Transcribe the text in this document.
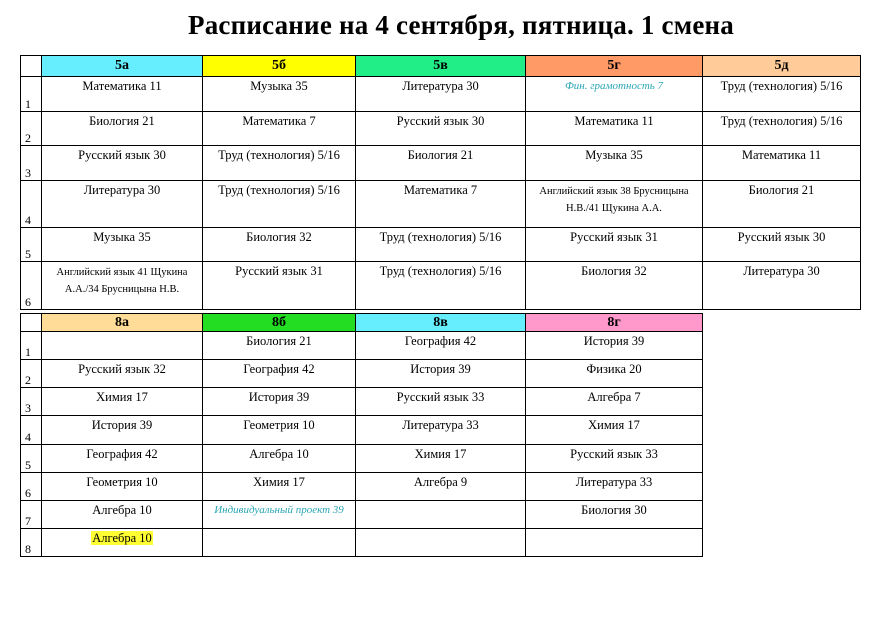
Расписание на 4 сентября, пятница. 1 смена
	5а	5б	5в	5г	5д
1	Математика 11	Музыка 35	Литература 30	Фин. грамотность 7	Труд (технология) 5/16
2	Биология 21	Математика 7	Русский язык 30	Математика 11	Труд (технология) 5/16
3	Русский язык 30	Труд (технология) 5/16	Биология 21	Музыка 35	Математика 11
4	Литература 30	Труд (технология) 5/16	Математика 7	Английский язык 38 Брусницына Н.В./41 Щукина А.А.	Биология 21
5	Музыка 35	Биология 32	Труд (технология) 5/16	Русский язык 31	Русский язык 30
6	Английский язык 41 Щукина А.А./34 Брусницына Н.В.	Русский язык 31	Труд (технология) 5/16	Биология 32	Литература 30
	8а	8б	8в	8г
1		Биология 21	География 42	История 39
2	Русский язык 32	География 42	История 39	Физика 20
3	Химия 17	История 39	Русский язык 33	Алгебра 7
4	История 39	Геометрия 10	Литература 33	Химия 17
5	География 42	Алгебра 10	Химия 17	Русский язык 33
6	Геометрия 10	Химия 17	Алгебра 9	Литература 33
7	Алгебра 10	Индивидуальный проект 39		Биология 30
8	Алгебра 10			
